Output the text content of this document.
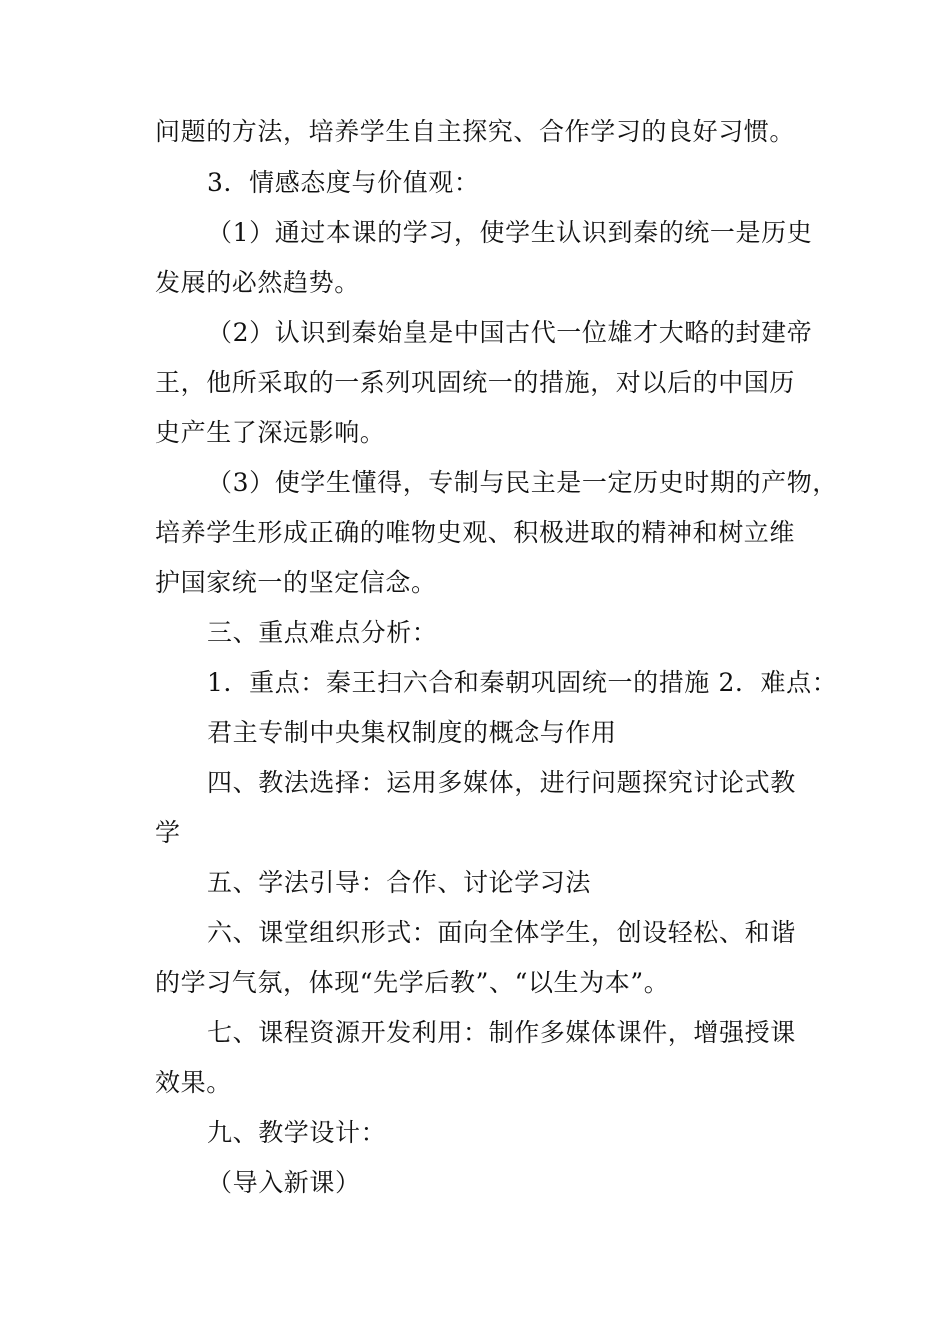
问题的方法，培养学生自主探究、合作学习的良好习惯。
3．情感态度与价值观：
（1）通过本课的学习，使学生认识到秦的统一是历史
发展的必然趋势。
（2）认识到秦始皇是中国古代一位雄才大略的封建帝
王，他所采取的一系列巩固统一的措施，对以后的中国历
史产生了深远影响。
（3）使学生懂得，专制与民主是一定历史时期的产物，
培养学生形成正确的唯物史观、积极进取的精神和树立维
护国家统一的坚定信念。
三、重点难点分析：
1．重点：秦王扫六合和秦朝巩固统一的措施 2．难点：
君主专制中央集权制度的概念与作用
四、教法选择：运用多媒体，进行问题探究讨论式教
学
五、学法引导：合作、讨论学习法
六、课堂组织形式：面向全体学生，创设轻松、和谐
的学习气氛，体现“先学后教”、“以生为本”。
七、课程资源开发利用：制作多媒体课件，增强授课
效果。
九、教学设计：
（导入新课）
